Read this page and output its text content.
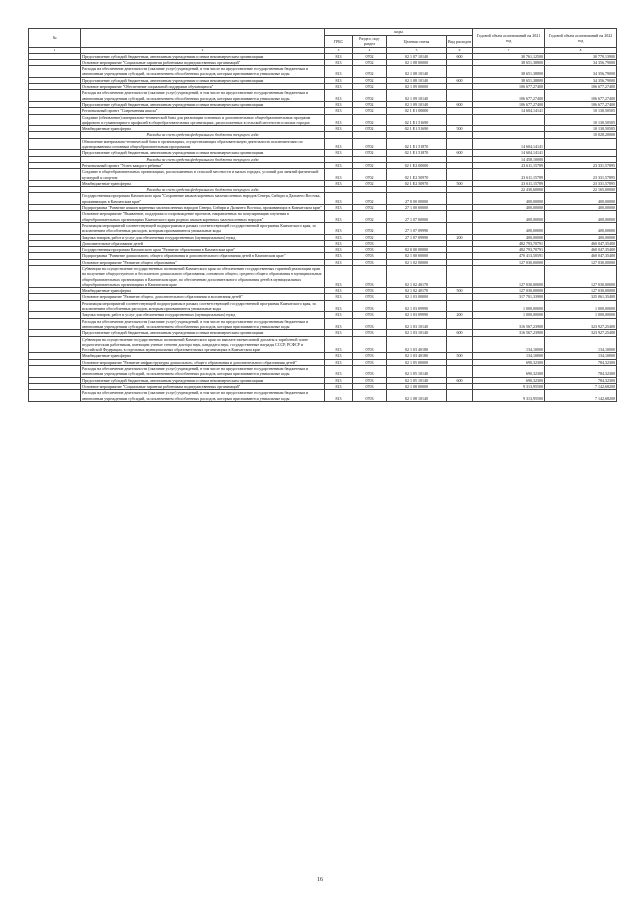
№		коды				Годовой объем ассигнований на 2021 год	Годовой объем ассигнований на 2022 год
		ГРБС	Раздел, под-раздел	Целевая статья	Вид расходов		
1	2	3	4	5	6	7	8
	Предоставление субсидий бюджетным, автономным учреждениям и иным некоммерческим организациям	813	0702	02 1 07 10140	600	30 761,12500	30 770,13900
	Основное мероприятие "Социальные гарантии работникам подведомственных организаций"	813	0702	02 1 08 00000		38 651,38800	34 356,79000
	Расходы на обеспечение деятельности (оказание услуг) учреждений, в том числе на предоставление государственным бюджетным и автономным учреждениям субсидий, за исключением обособленных расходов, которым присваиваются уникальные коды	813	0702	02 1 08 10140		38 651,38800	34 356,79000
	Предоставление субсидий бюджетным, автономным учреждениям и иным некоммерческим организациям	813	0702	02 1 08 10140	600	38 651,38800	34 356,79000
	Основное мероприятие "Обеспечение социальной поддержки обучающихся"	813	0702	02 1 09 00000		106 677,27400	106 677,27400
	Расходы на обеспечение деятельности (оказание услуг) учреждений, в том числе на предоставление государственным бюджетным и автономным учреждениям субсидий, за исключением обособленных расходов, которым присваиваются уникальные коды	813	0702	02 1 09 10140		106 677,27400	106 677,27400
	Предоставление субсидий бюджетным, автономным учреждениям и иным некоммерческим организациям	813	0702	02 1 09 10140	600	106 677,27400	106 677,27400
	Региональный проект "Современная школа"	813	0702	02 1 E1 00000		14 604,14141	10 130,50505
	Создание (обновление) материально-технической базы для реализации основных и дополнительных общеобразовательных программ цифрового и гуманитарного профилей в общеобразовательных организациях, расположенных в сельской местности и малых городах	813	0702	02 1 E1 51690			10 130,50505
	Межбюджетные трансферты	813	0702	02 1 E1 51690	500		10 130,50505
	Расходы за счет средств федерального бюджета текущего года						10 028,20000
	Обновление материально-технической базы в организациях, осуществляющих образовательную деятельность исключительно по адаптированным основным общеобразовательным программам	813	0702	02 1 E1 51870		14 604,14141	
	Предоставление субсидий бюджетным, автономным учреждениям и иным некоммерческим организациям	813	0702	02 1 E1 51870	600	14 604,14141	
	Расходы за счет средств федерального бюджета текущего года					14 458,10000	
	Региональный проект "Успех каждого ребенка"	813	0702	02 1 E2 00000		23 611,15789	23 331,57895
	Создание в общеобразовательных организациях, расположенных в сельской местности и малых городах, условий для занятий физической культурой и спортом	813	0702	02 1 E2 50970		23 611,15789	23 331,57895
	Межбюджетные трансферты	813	0702	02 1 E2 50970	500	23 611,15789	23 331,57895
	Расходы за счет средств федерального бюджета текущего года					22 430,60000	22 165,00000
	Государственная программа Камчатского края "Сохранение языков коренных малочисленных народов Севера, Сибири и Дальнего Востока, проживающих в Камчатском крае"	813	0702	27 0 00 00000		400,00000	400,00000
	Подпрограмма "Развитие языков коренных малочисленных народов Севера, Сибири и Дальнего Востока, проживающих в Камчатском крае"	813	0702	27 1 00 00000		400,00000	400,00000
	Основное мероприятие "Выявление, поддержка и сопровождение проектов, направленных на популяризацию изучения в общеобразовательных организациях Камчатского края родных языков коренных малочисленных народов"	813	0702	27 1 07 00000		400,00000	400,00000
	Реализация мероприятий соответствующей подпрограммы в рамках соответствующей государственной программы Камчатского края, за исключением обособленных расходов, которым присваиваются уникальные коды	813	0702	27 1 07 09990		400,00000	400,00000
	Закупка товаров, работ и услуг для обеспечения государственных (муниципальных) нужд	813	0702	27 1 07 09990	200	400,00000	400,00000
	Дополнительное образование детей	813	0703			482 793,70791	460 047,35400
	Государственная программа Камчатского края "Развитие образования в Камчатском крае"	813	0703	02 0 00 00000		482 793,70791	460 047,35400
	Подпрограмма "Развитие дошкольного, общего образования и дополнительного образования детей в Камчатском крае"	813	0703	02 1 00 00000		470 413,50591	460 047,35400
	Основное мероприятие "Развитие общего образования"	813	0703	02 1 02 00000		127 030,00000	127 030,00000
	Субвенции на осуществление государственных полномочий Камчатского края по обеспечению государственных гарантий реализации прав на получение общедоступного и бесплатного дошкольного образования, основного общего, среднего общего образования в муниципальных общеобразовательных организациях в Камчатском крае, по обеспечению дополнительного образования детей в муниципальных общеобразовательных организациях в Камчатском крае	813	0703	02 1 02 40170		127 030,00000	127 030,00000
	Межбюджетные трансферты	813	0703	02 1 02 40170	500	127 030,00000	127 030,00000
	Основное мероприятие "Развитие общего, дополнительного образования и воспитания детей"	813	0703	02 1 03 00000		317 701,33900	325 061,35400
	Реализация мероприятий соответствующей подпрограммы в рамках соответствующей государственной программы Камчатского края, за исключением обособленных расходов, которым присваиваются уникальные коды	813	0703	02 1 03 09990		1 000,00000	1 000,00000
	Закупка товаров, работ и услуг для обеспечения государственных (муниципальных) нужд	813	0703	02 1 03 09990	200	1 000,00000	1 000,00000
	Расходы на обеспечение деятельности (оказание услуг) учреждений, в том числе на предоставление государственным бюджетным и автономным учреждениям субсидий, за исключением обособленных расходов, которым присваиваются уникальные коды	813	0703	02 1 03 10140		316 567,23900	323 927,25400
	Предоставление субсидий бюджетным, автономным учреждениям и иным некоммерческим организациям	813	0703	02 1 03 10140	600	316 567,23900	323 927,25400
	Субвенции на осуществление государственных полномочий Камчатского края по выплате ежемесячной доплаты к заработной плате педагогическим работникам, имеющим ученые степени доктора наук, кандидата наук, государственные награды СССР, РСФСР и Российской Федерации, в отдельных муниципальных образовательных организациях в Камчатском крае	813	0703	02 1 03 40180		134,10000	134,10000
	Межбюджетные трансферты	813	0703	02 1 03 40180	500	134,10000	134,10000
	Основное мероприятие "Развитие инфраструктуры дошкольного, общего образования и дополнительного образования детей"	813	0703	02 1 05 00000		690,32300	784,32300
	Расходы на обеспечение деятельности (оказание услуг) учреждений, в том числе на предоставление государственным бюджетным и автономным учреждениям субсидий, за исключением обособленных расходов, которым присваиваются уникальные коды	813	0703	02 1 05 10140		690,32300	784,32300
	Предоставление субсидий бюджетным, автономным учреждениям и иным некоммерческим организациям	813	0703	02 1 05 10140	600	690,32300	784,32300
	Основное мероприятие "Социальные гарантии работникам подведомственных организаций"	813	0703	02 1 08 00000		9 313,95500	7 142,68200
	Расходы на обеспечение деятельности (оказание услуг) учреждений, в том числе на предоставление государственным бюджетным и автономным учреждениям субсидий, за исключением обособленных расходов, которым присваиваются уникальные коды	813	0703	02 1 08 10140		9 313,95500	7 142,68200
16
